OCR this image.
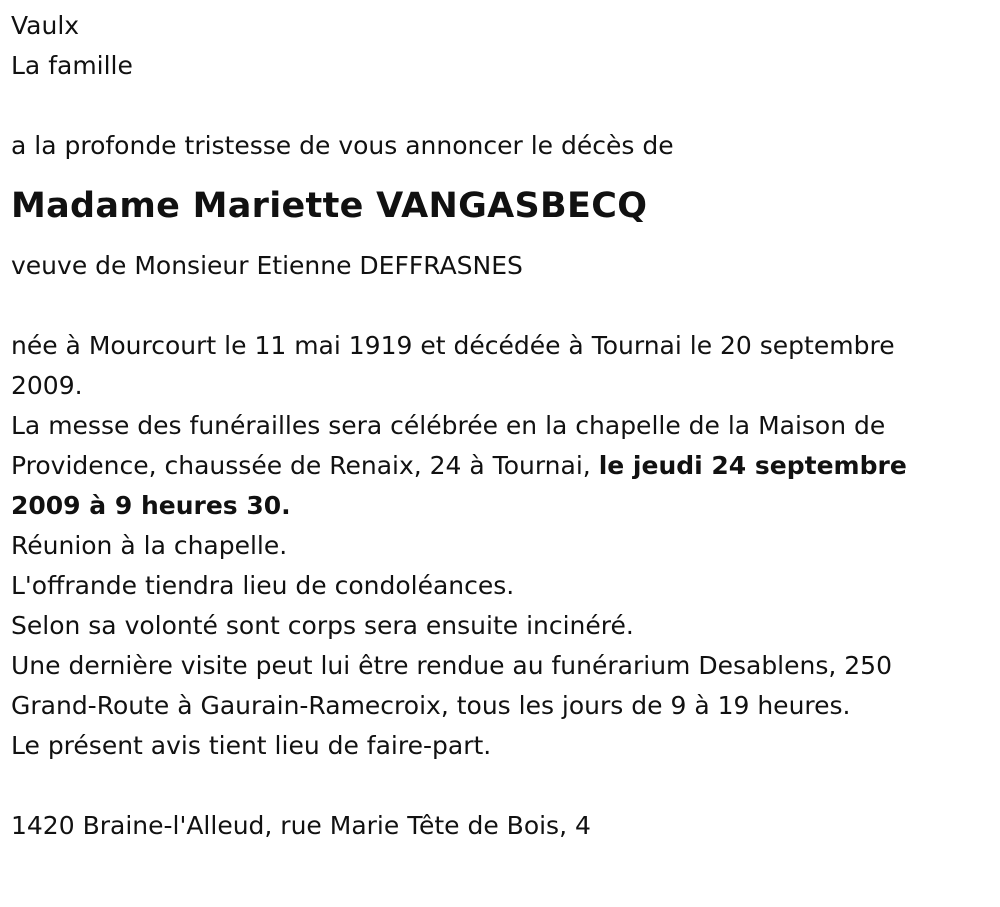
Vaulx
La famille
a la profonde tristesse de vous annoncer le décès de
Madame Mariette VANGASBECQ
veuve de Monsieur Etienne DEFFRASNES
née à Mourcourt le 11 mai 1919 et décédée à Tournai le 20 septembre
2009.
La messe des funérailles sera célébrée en la chapelle de la Maison de
Providence, chaussée de Renaix, 24 à Tournai, le jeudi 24 septembre
2009 à 9 heures 30.
Réunion à la chapelle.
L'offrande tiendra lieu de condoléances.
Selon sa volonté sont corps sera ensuite incinéré.
Une dernière visite peut lui être rendue au funérarium Desablens, 250
Grand-Route à Gaurain-Ramecroix, tous les jours de 9 à 19 heures.
Le présent avis tient lieu de faire-part.
1420 Braine-l'Alleud, rue Marie Tête de Bois, 4
